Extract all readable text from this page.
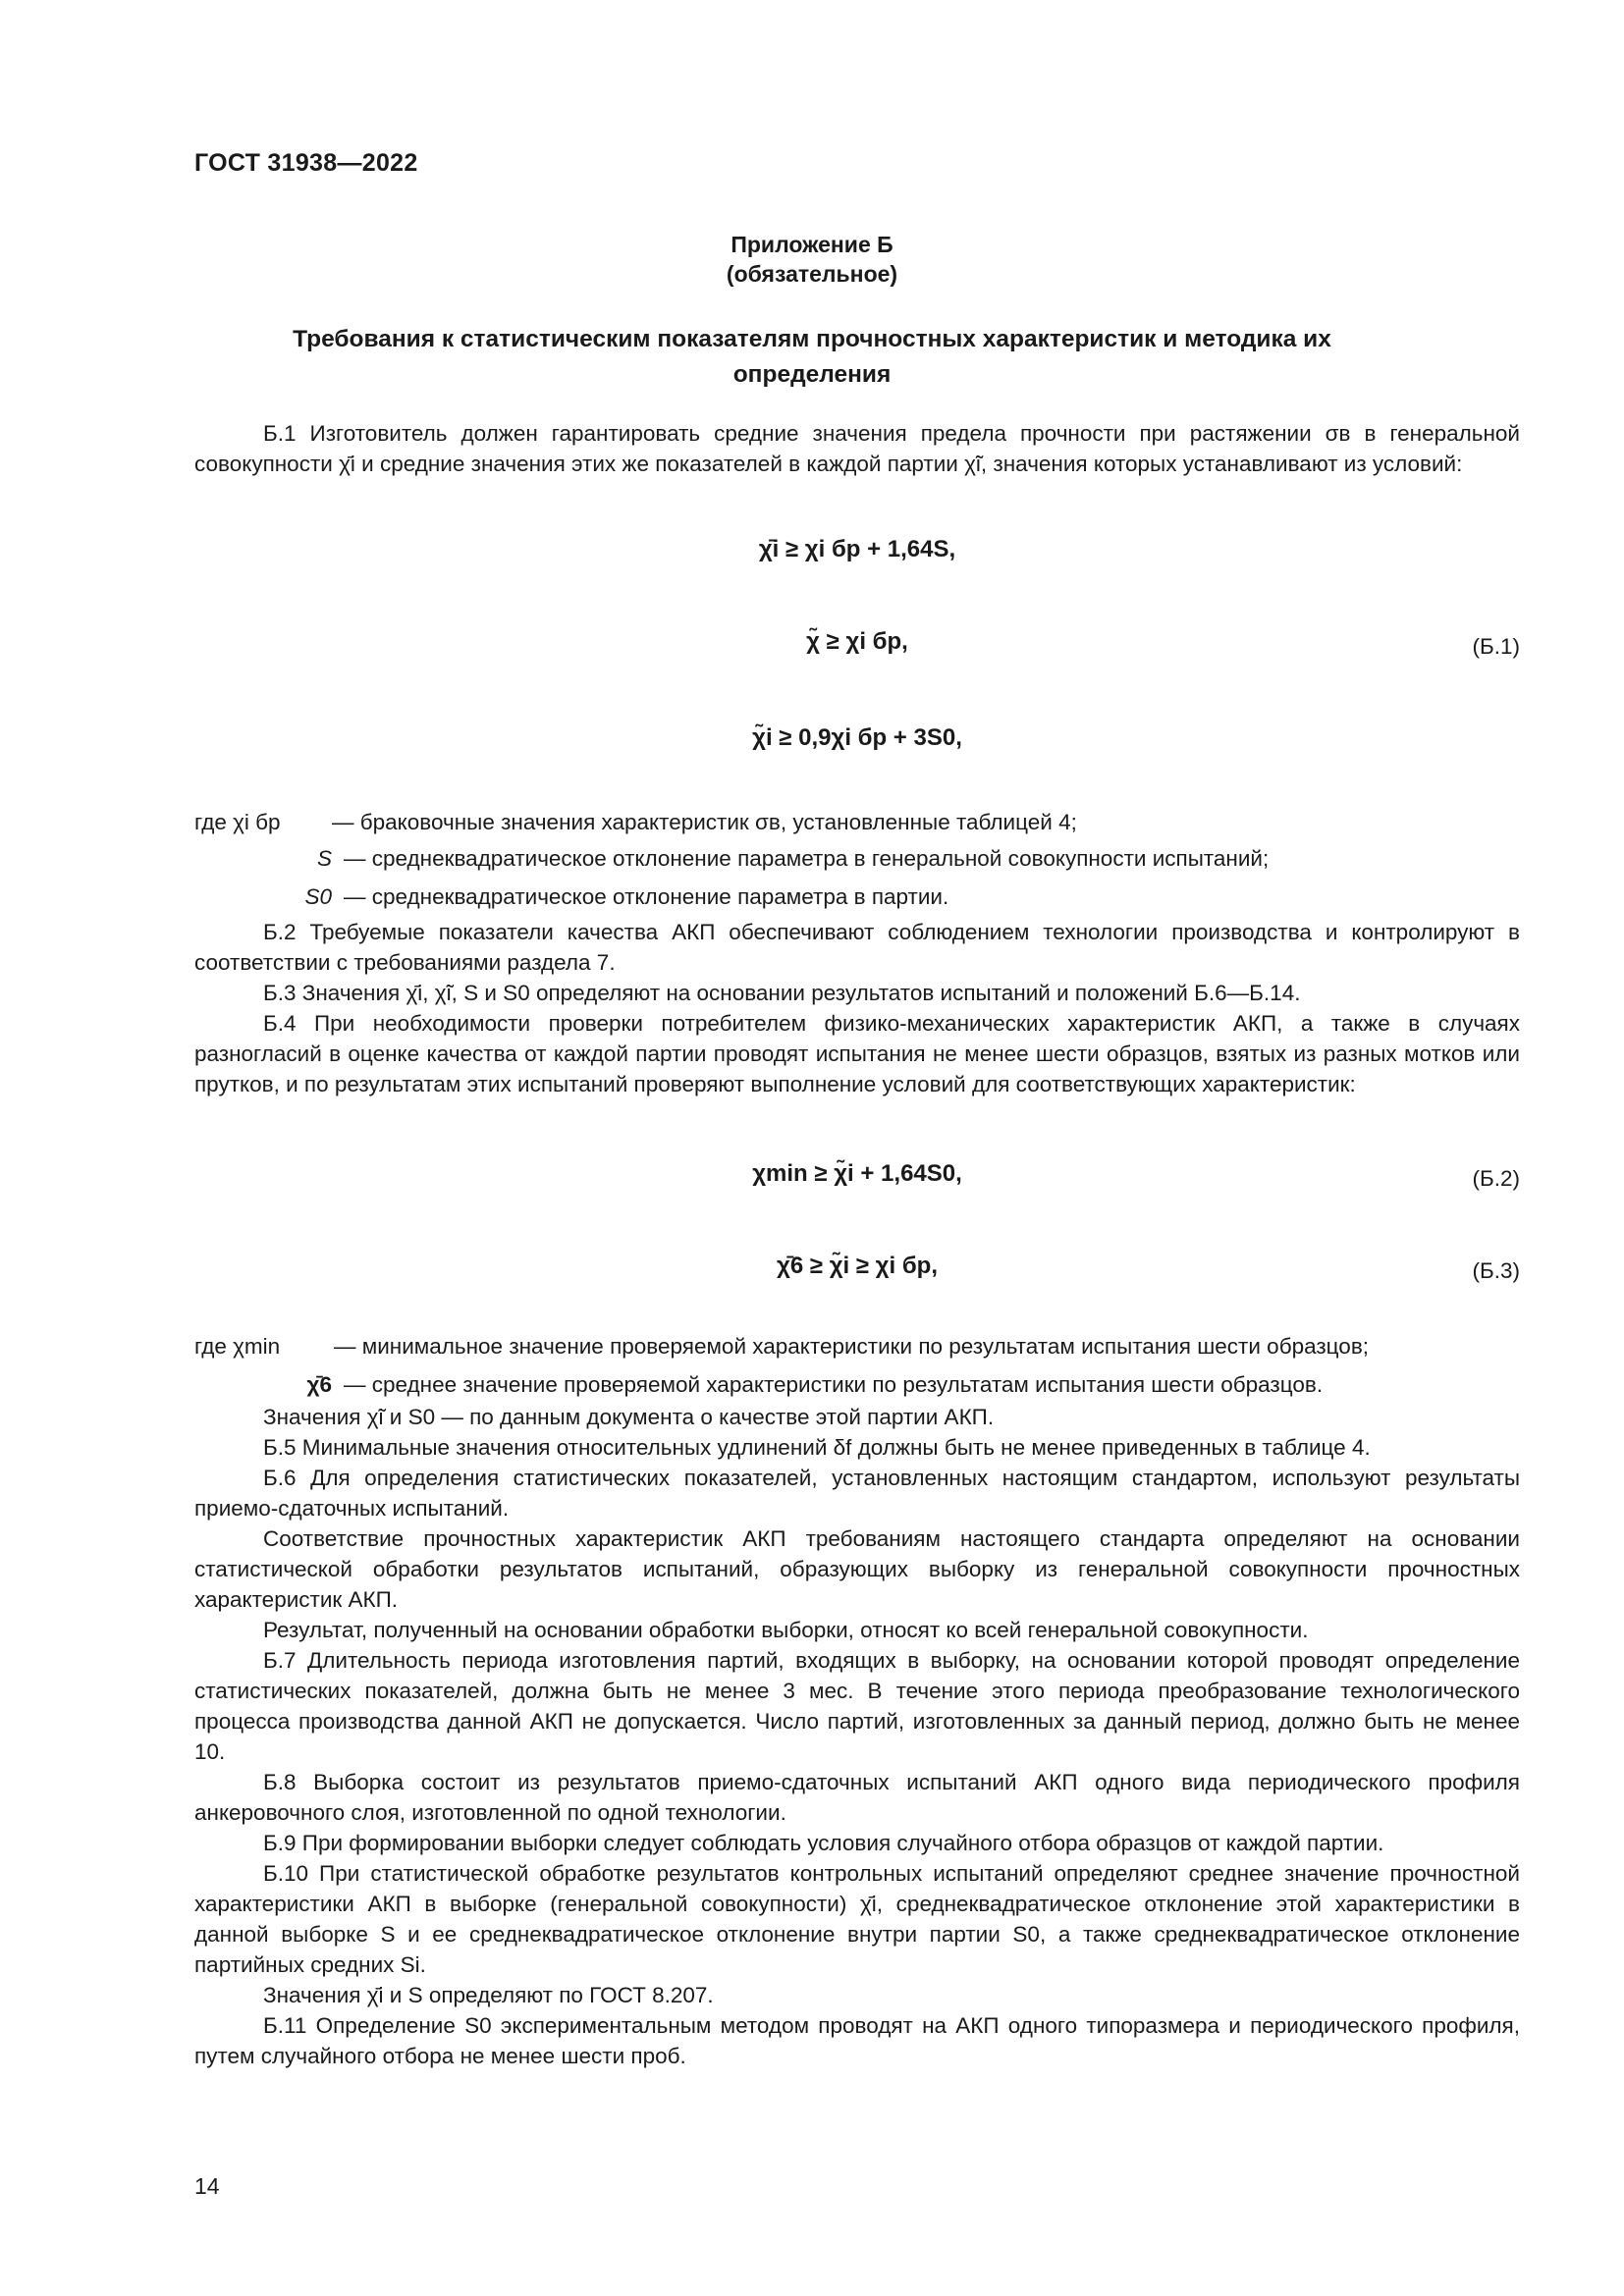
ГОСТ 31938—2022
Приложение Б
(обязательное)
Требования к статистическим показателям прочностных характеристик и методика их определения

Б.1 Изготовитель должен гарантировать средние значения предела прочности при растяжении σв в генеральной совокупности χ̄i и средние значения этих же показателей в каждой партии χ̃i, значения которых устанавливают из условий:

χ̄i ≥ χi бр + 1,64S,
χ̃ ≥ χi бр,	(Б.1)
χ̃i ≥ 0,9χi бр + 3S0,
где χi бр	— браковочные значения характеристик σв, установленные таблицей 4;
S — среднеквадратическое отклонение параметра в генеральной совокупности испытаний;
S0 — среднеквадратическое отклонение параметра в партии.

Б.2 Требуемые показатели качества АКП обеспечивают соблюдением технологии производства и контролируют в соответствии с требованиями раздела 7.

Б.3 Значения χ̄i, χ̃i, S и S0 определяют на основании результатов испытаний и положений Б.6—Б.14.

Б.4 При необходимости проверки потребителем физико-механических характеристик АКП, а также в случаях разногласий в оценке качества от каждой партии проводят испытания не менее шести образцов, взятых из разных мотков или прутков, и по результатам этих испытаний проверяют выполнение условий для соответствующих характеристик:

χmin ≥ χ̃i + 1,64S0,	(Б.2)
χ̄6 ≥ χ̃i ≥ χi бр,	(Б.3)
где χmin	— минимальное значение проверяемой характеристики по результатам испытания шести образцов;
χ̄6 — среднее значение проверяемой характеристики по результатам испытания шести образцов.

Значения χ̃i и S0 — по данным документа о качестве этой партии АКП.

Б.5 Минимальные значения относительных удлинений δf должны быть не менее приведенных в таблице 4.

Б.6 Для определения статистических показателей, установленных настоящим стандартом, используют результаты приемо-сдаточных испытаний.

Соответствие прочностных характеристик АКП требованиям настоящего стандарта определяют на основании статистической обработки результатов испытаний, образующих выборку из генеральной совокупности прочностных характеристик АКП.

Результат, полученный на основании обработки выборки, относят ко всей генеральной совокупности.

Б.7 Длительность периода изготовления партий, входящих в выборку, на основании которой проводят определение статистических показателей, должна быть не менее 3 мес. В течение этого периода преобразование технологического процесса производства данной АКП не допускается. Число партий, изготовленных за данный период, должно быть не менее 10.

Б.8 Выборка состоит из результатов приемо-сдаточных испытаний АКП одного вида периодического профиля анкеровочного слоя, изготовленной по одной технологии.

Б.9 При формировании выборки следует соблюдать условия случайного отбора образцов от каждой партии.

Б.10 При статистической обработке результатов контрольных испытаний определяют среднее значение прочностной характеристики АКП в выборке (генеральной совокупности) χ̄i, среднеквадратическое отклонение этой характеристики в данной выборке S и ее среднеквадратическое отклонение внутри партии S0, а также среднеквадратическое отклонение партийных средних Si.

Значения χ̄i и S определяют по ГОСТ 8.207.

Б.11 Определение S0 экспериментальным методом проводят на АКП одного типоразмера и периодического профиля, путем случайного отбора не менее шести проб.

14
